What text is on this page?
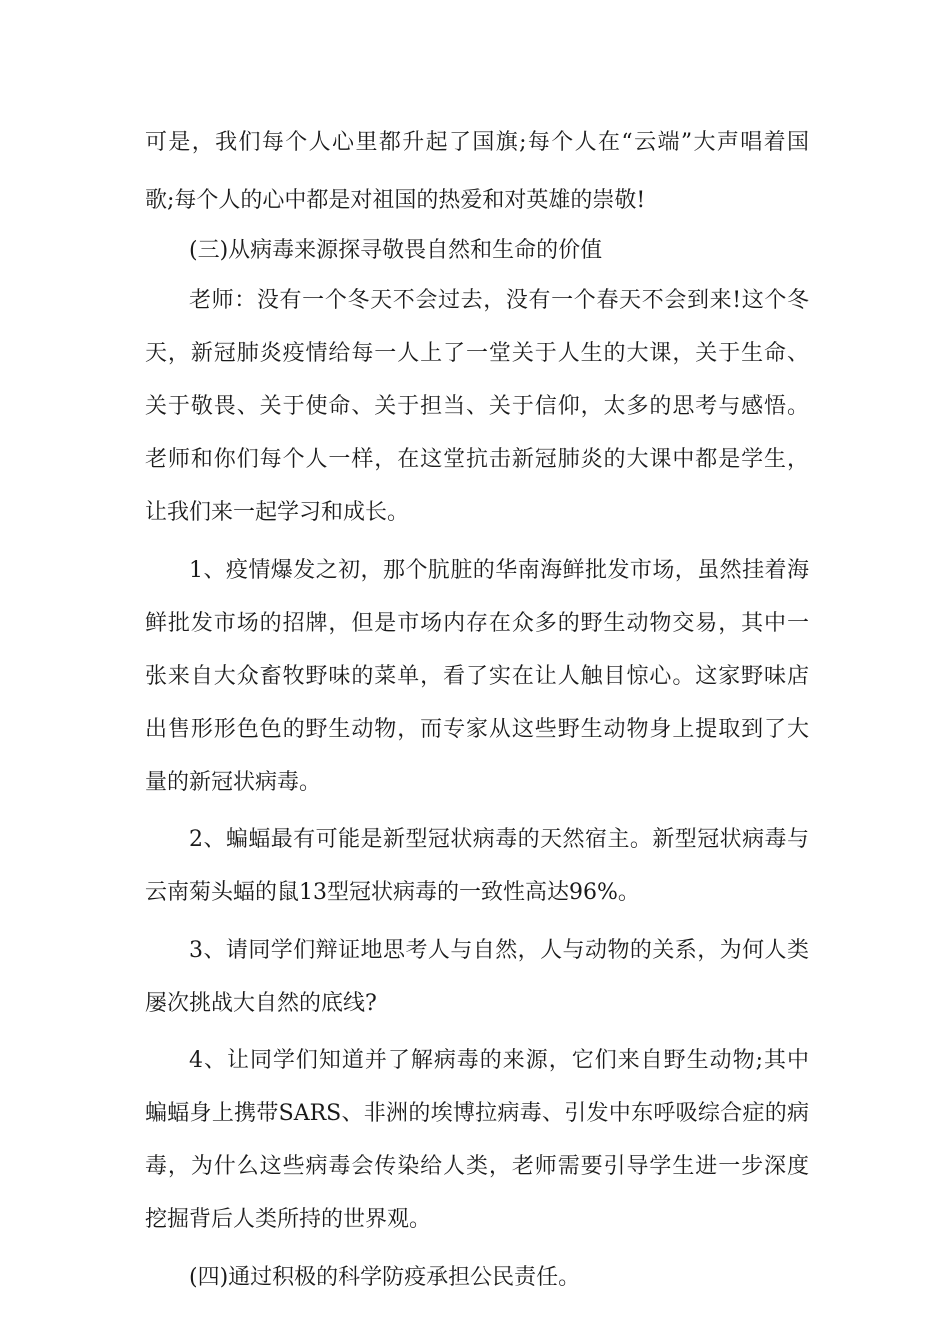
可是，我们每个人心里都升起了国旗;每个人在“云端”大声唱着国
歌;每个人的心中都是对祖国的热爱和对英雄的崇敬!
(三)从病毒来源探寻敬畏自然和生命的价值
老师：没有一个冬天不会过去，没有一个春天不会到来!这个冬
天，新冠肺炎疫情给每一人上了一堂关于人生的大课，关于生命、
关于敬畏、关于使命、关于担当、关于信仰，太多的思考与感悟。
老师和你们每个人一样，在这堂抗击新冠肺炎的大课中都是学生，
让我们来一起学习和成长。
1、疫情爆发之初，那个肮脏的华南海鲜批发市场，虽然挂着海
鲜批发市场的招牌，但是市场内存在众多的野生动物交易，其中一
张来自大众畜牧野味的菜单，看了实在让人触目惊心。这家野味店
出售形形色色的野生动物，而专家从这些野生动物身上提取到了大
量的新冠状病毒。
2、蝙蝠最有可能是新型冠状病毒的天然宿主。新型冠状病毒与
云南菊头蝠的鼠13型冠状病毒的一致性高达96%。
3、请同学们辩证地思考人与自然，人与动物的关系，为何人类
屡次挑战大自然的底线?
4、让同学们知道并了解病毒的来源，它们来自野生动物;其中
蝙蝠身上携带SARS、非洲的埃博拉病毒、引发中东呼吸综合症的病
毒，为什么这些病毒会传染给人类，老师需要引导学生进一步深度
挖掘背后人类所持的世界观。
(四)通过积极的科学防疫承担公民责任。
